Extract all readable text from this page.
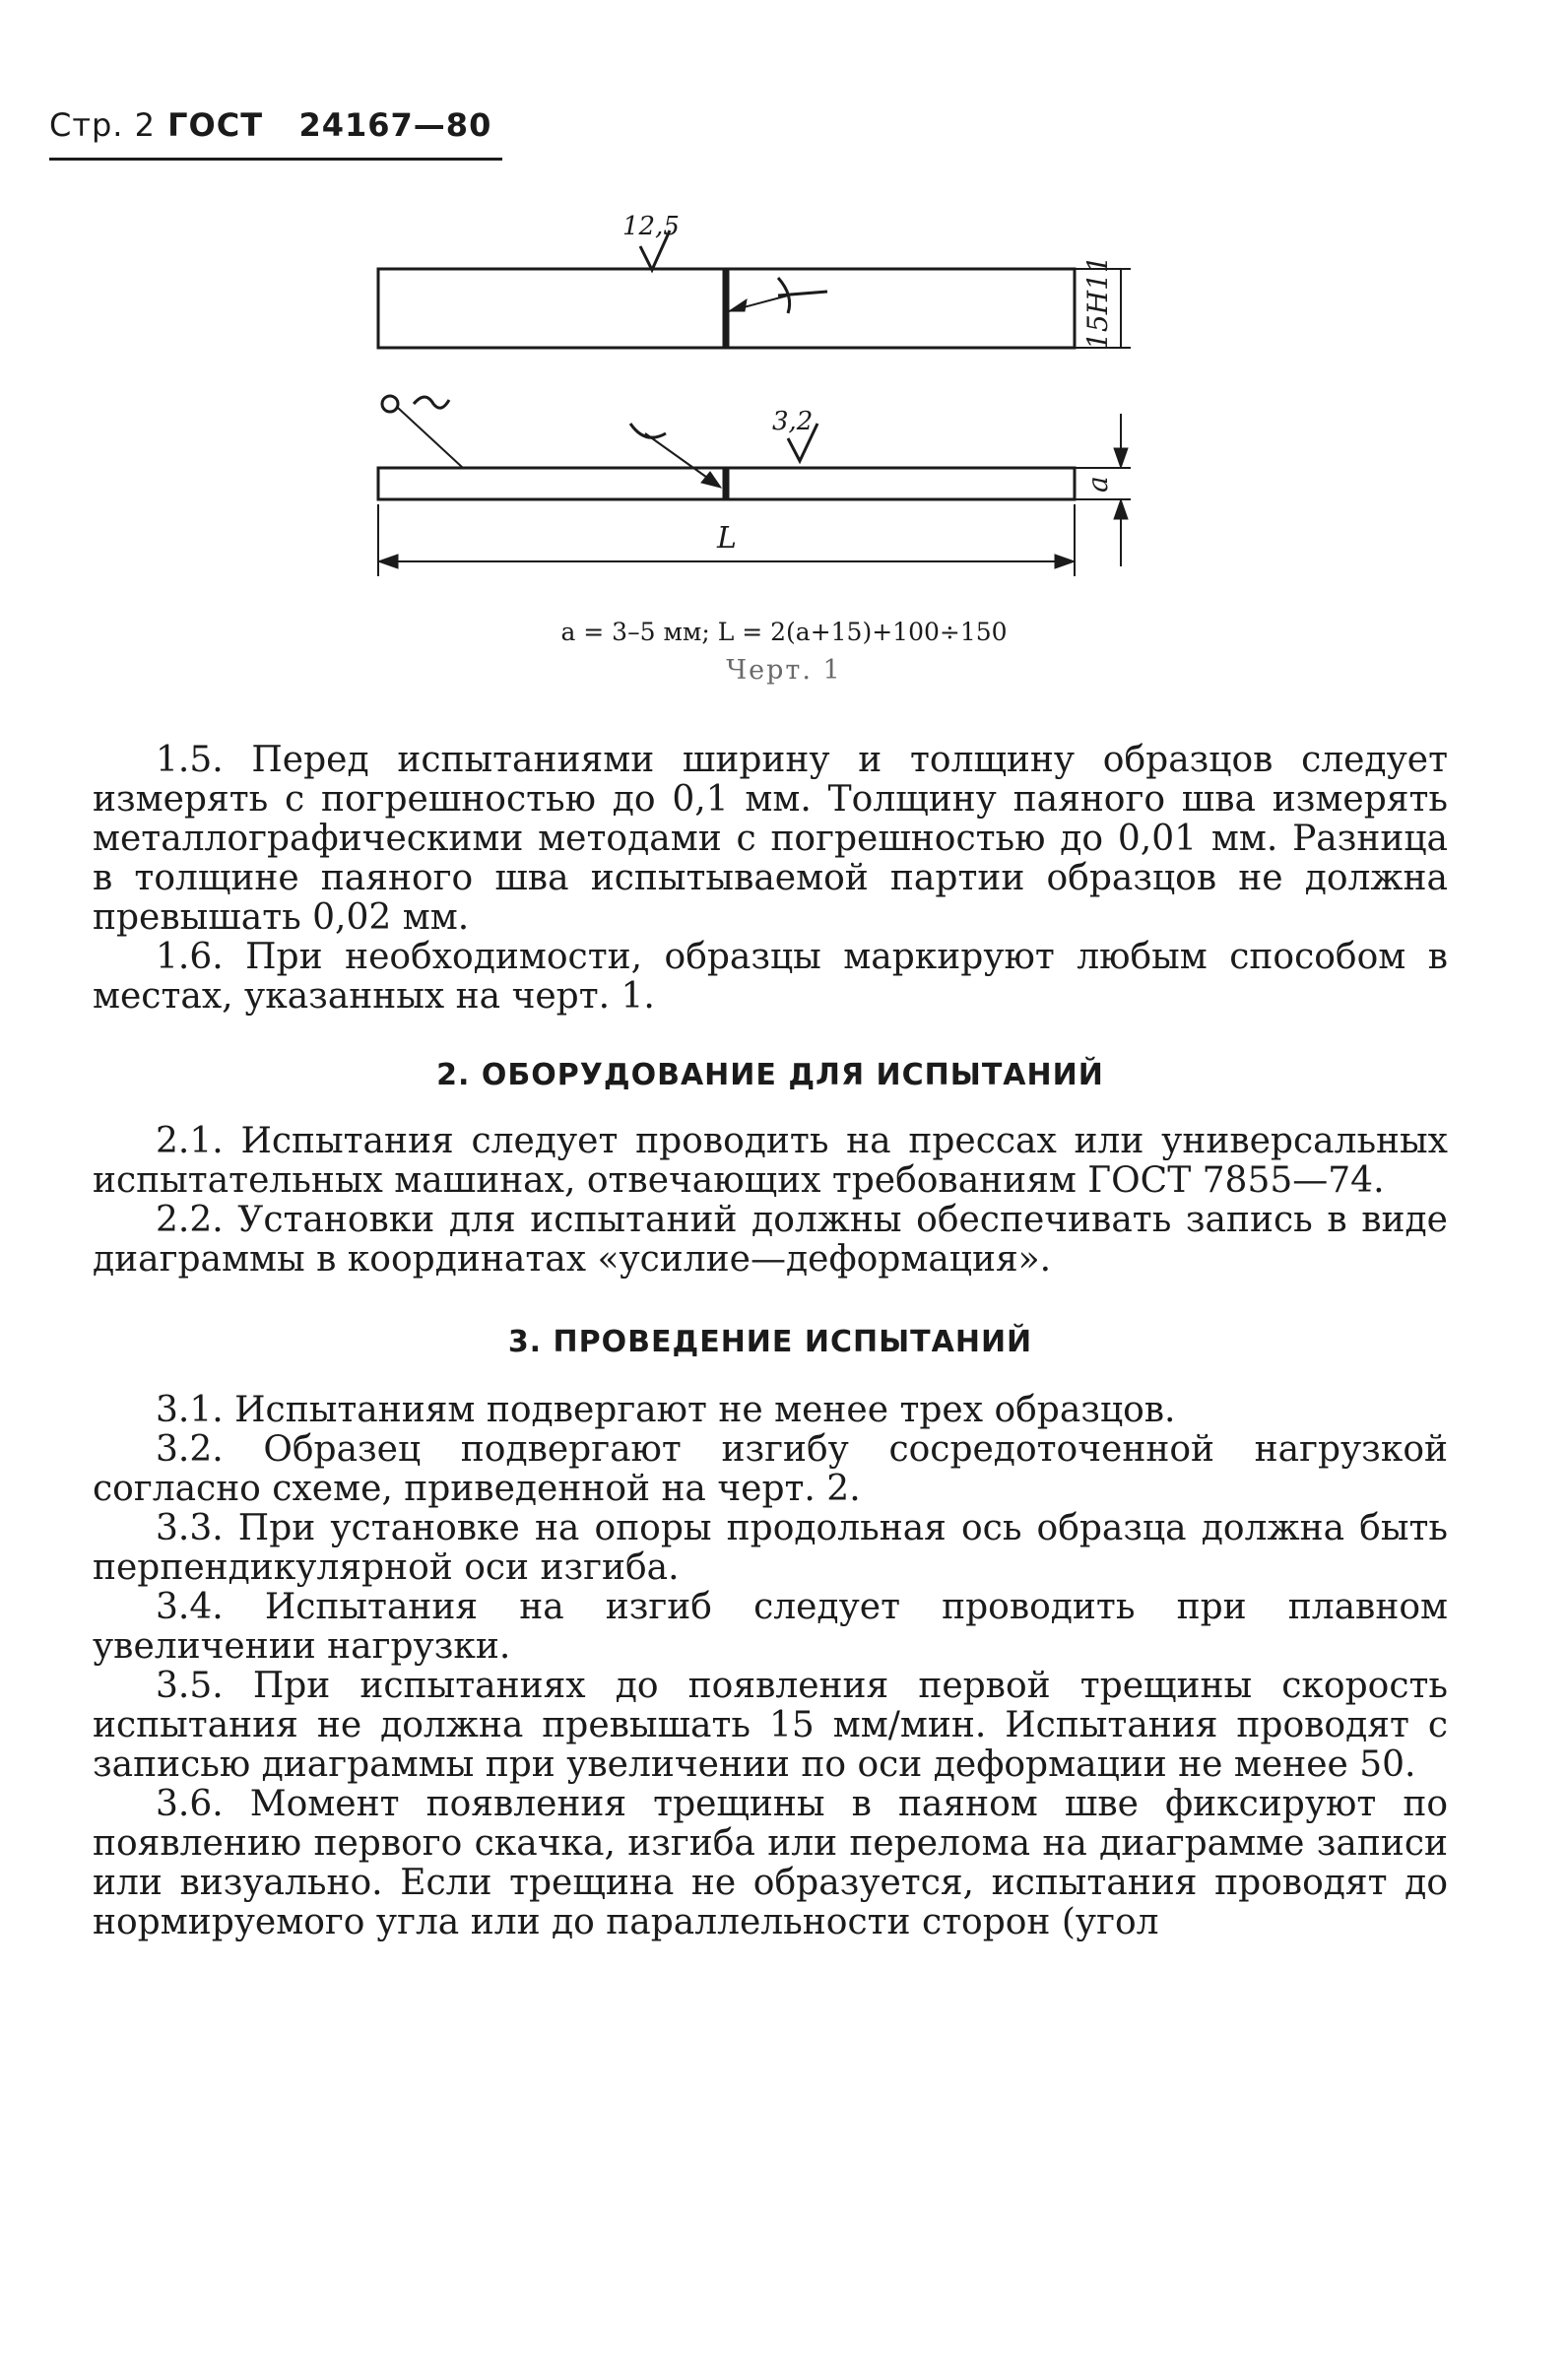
Стр. 2 ГОСТ 24167—80
12,5
3,2
15H11
a
L
a = 3–5 мм; L = 2(a+15)+100÷150
Черт. 1

1.5. Перед испытаниями ширину и толщину образцов следует измерять с погрешностью до 0,1 мм. Толщину паяного шва измерять металлографическими методами с погрешностью до 0,01 мм. Разница в толщине паяного шва испытываемой партии образцов не должна превышать 0,02 мм.

1.6. При необходимости, образцы маркируют любым способом в местах, указанных на черт. 1.

2. ОБОРУДОВАНИЕ ДЛЯ ИСПЫТАНИЙ

2.1. Испытания следует проводить на прессах или универсальных испытательных машинах, отвечающих требованиям ГОСТ 7855—74.

2.2. Установки для испытаний должны обеспечивать запись в виде диаграммы в координатах «усилие—деформация».

3. ПРОВЕДЕНИЕ ИСПЫТАНИЙ

3.1. Испытаниям подвергают не менее трех образцов.

3.2. Образец подвергают изгибу сосредоточенной нагрузкой согласно схеме, приведенной на черт. 2.

3.3. При установке на опоры продольная ось образца должна быть перпендикулярной оси изгиба.

3.4. Испытания на изгиб следует проводить при плавном увеличении нагрузки.

3.5. При испытаниях до появления первой трещины скорость испытания не должна превышать 15 мм/мин. Испытания проводят с записью диаграммы при увеличении по оси деформации не менее 50.

3.6. Момент появления трещины в паяном шве фиксируют по появлению первого скачка, изгиба или перелома на диаграмме записи или визуально. Если трещина не образуется, испытания проводят до нормируемого угла или до параллельности сторон (угол
